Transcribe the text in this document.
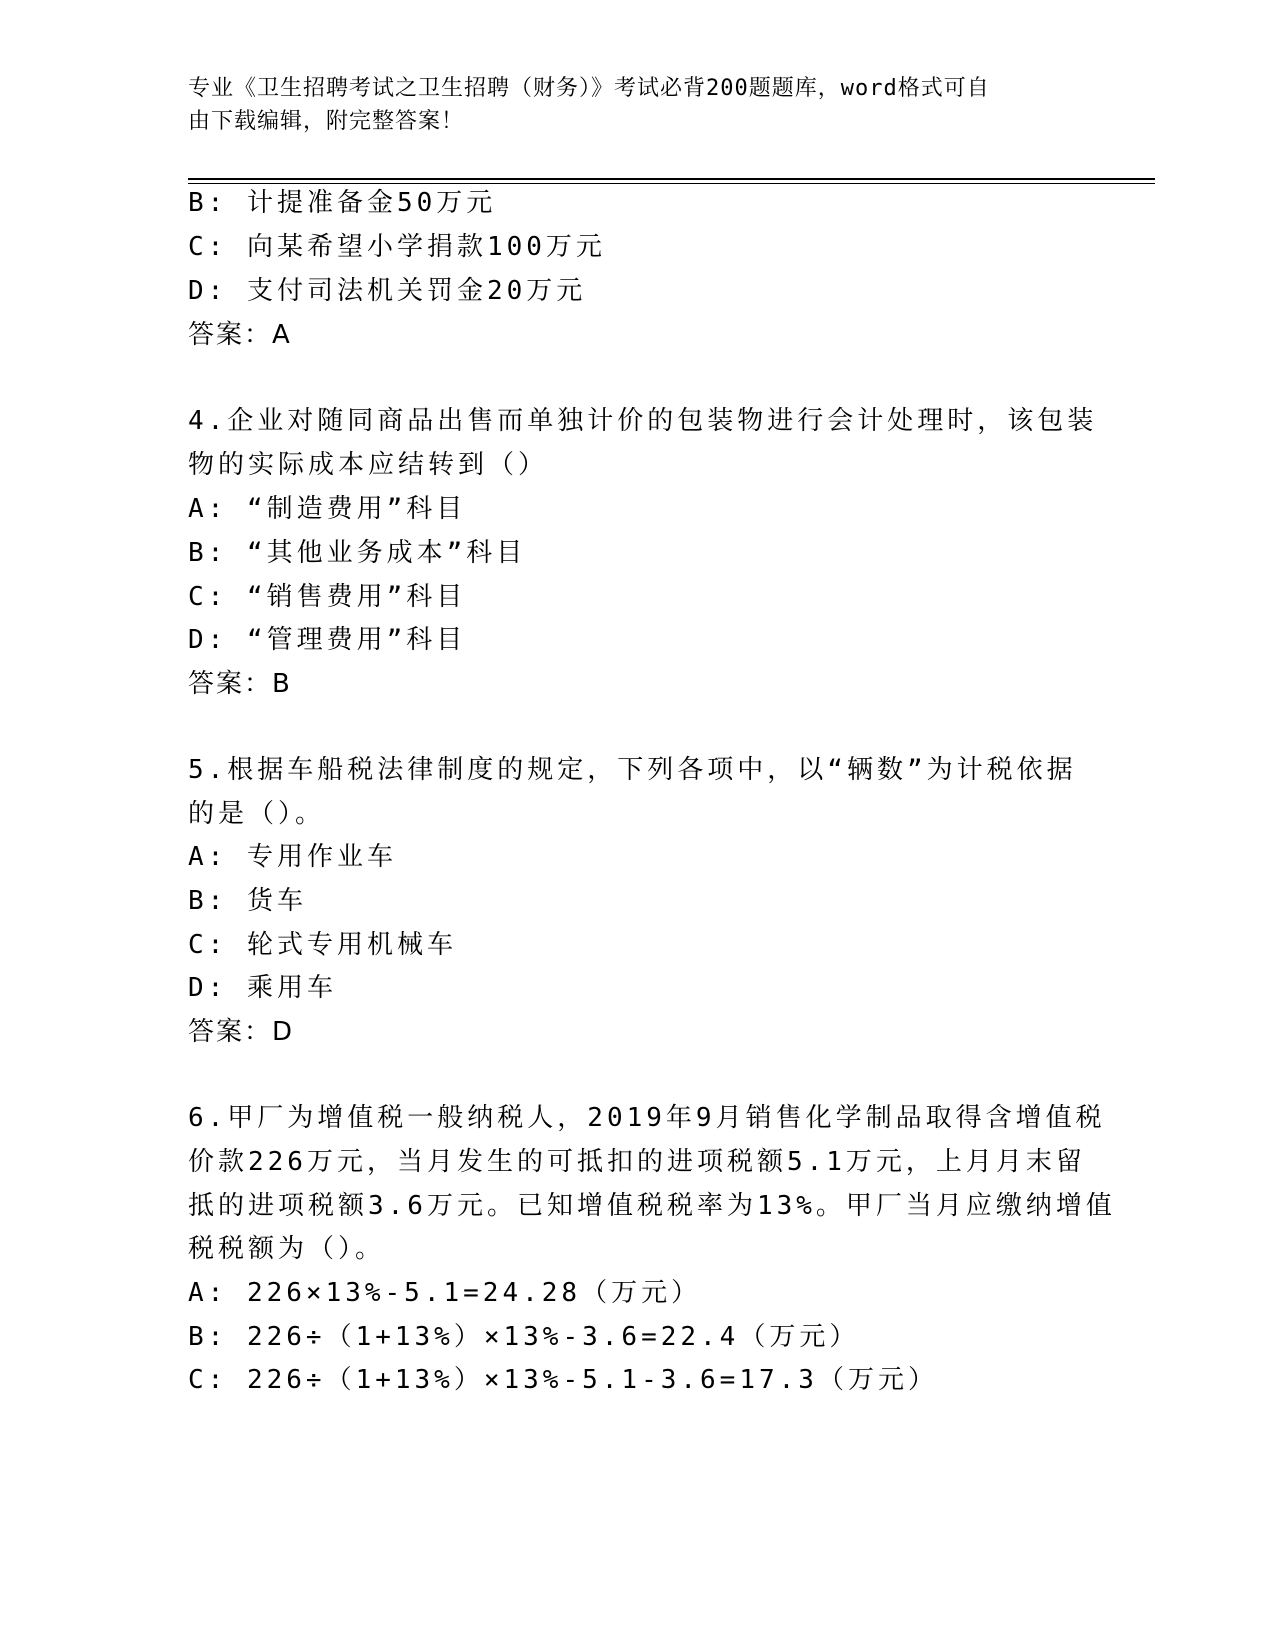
专业《卫生招聘考试之卫生招聘（财务）》考试必背200题题库，word格式可自
由下载编辑，附完整答案！
B: 计提准备金50万元
C: 向某希望小学捐款100万元
D: 支付司法机关罚金20万元
答案：A
4.企业对随同商品出售而单独计价的包装物进行会计处理时，该包装
物的实际成本应结转到（）
A: “制造费用”科目
B: “其他业务成本”科目
C: “销售费用”科目
D: “管理费用”科目
答案：B
5.根据车船税法律制度的规定，下列各项中，以“辆数”为计税依据
的是（）。
A: 专用作业车
B: 货车
C: 轮式专用机械车
D: 乘用车
答案：D
6.甲厂为增值税一般纳税人，2019年9月销售化学制品取得含增值税
价款226万元，当月发生的可抵扣的进项税额5.1万元，上月月末留
抵的进项税额3.6万元。已知增值税税率为13%。甲厂当月应缴纳增值
税税额为（）。
A: 226×13%-5.1=24.28（万元）
B: 226÷（1+13%）×13%-3.6=22.4（万元）
C: 226÷（1+13%）×13%-5.1-3.6=17.3（万元）
